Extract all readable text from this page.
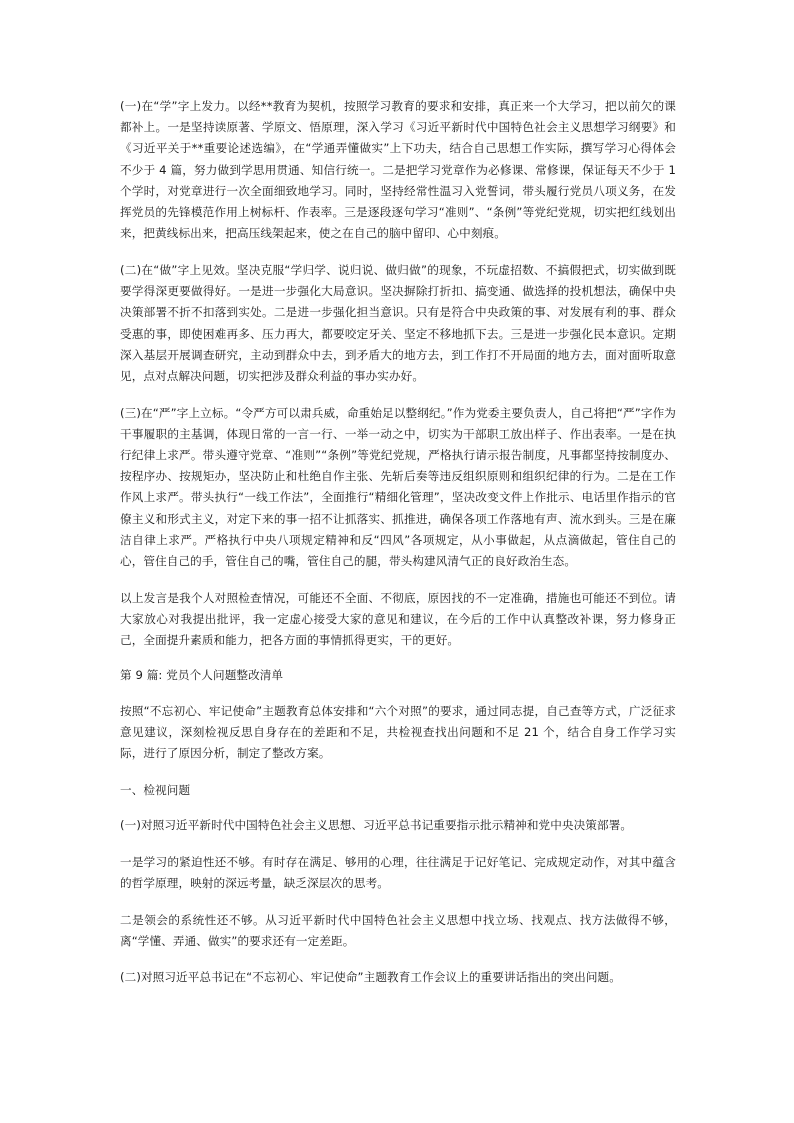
(一)在“学”字上发力。以经**教育为契机，按照学习教育的要求和安排，真正来一个大学习，把以前欠的课都补上。一是坚持读原著、学原文、悟原理，深入学习《习近平新时代中国特色社会主义思想学习纲要》和《习近平关于**重要论述选编》，在“学通弄懂做实”上下功夫，结合自己思想工作实际，撰写学习心得体会不少于 4 篇，努力做到学思用贯通、知信行统一。二是把学习党章作为必修课、常修课，保证每天不少于 1 个学时，对党章进行一次全面细致地学习。同时，坚持经常性温习入党誓词，带头履行党员八项义务，在发挥党员的先锋模范作用上树标杆、作表率。三是逐段逐句学习“准则”、“条例”等党纪党规，切实把红线划出来，把黄线标出来，把高压线架起来，使之在自己的脑中留印、心中刻痕。

(二)在“做”字上见效。坚决克服“学归学、说归说、做归做”的现象，不玩虚招数、不搞假把式，切实做到既要学得深更要做得好。一是进一步强化大局意识。坚决摒除打折扣、搞变通、做选择的投机想法，确保中央决策部署不折不扣落到实处。二是进一步强化担当意识。只有是符合中央政策的事、对发展有利的事、群众受惠的事，即使困难再多、压力再大，都要咬定牙关、坚定不移地抓下去。三是进一步强化民本意识。定期深入基层开展调查研究，主动到群众中去，到矛盾大的地方去，到工作打不开局面的地方去，面对面听取意见，点对点解决问题，切实把涉及群众利益的事办实办好。

(三)在“严”字上立标。“令严方可以肃兵威，命重始足以整纲纪。”作为党委主要负责人，自己将把“严”字作为干事履职的主基调，体现日常的一言一行、一举一动之中，切实为干部职工放出样子、作出表率。一是在执行纪律上求严。带头遵守党章、“准则”“条例”等党纪党规，严格执行请示报告制度，凡事都坚持按制度办、按程序办、按规矩办，坚决防止和杜绝自作主张、先斩后奏等违反组织原则和组织纪律的行为。二是在工作作风上求严。带头执行“一线工作法”，全面推行“精细化管理”，坚决改变文件上作批示、电话里作指示的官僚主义和形式主义，对定下来的事一招不让抓落实、抓推进，确保各项工作落地有声、流水到头。三是在廉洁自律上求严。严格执行中央八项规定精神和反“四风”各项规定，从小事做起，从点滴做起，管住自己的心，管住自己的手，管住自己的嘴，管住自己的腿，带头构建风清气正的良好政治生态。

以上发言是我个人对照检查情况，可能还不全面、不彻底，原因找的不一定准确，措施也可能还不到位。请大家放心对我提出批评，我一定虚心接受大家的意见和建议，在今后的工作中认真整改补课，努力修身正己，全面提升素质和能力，把各方面的事情抓得更实，干的更好。

第 9 篇: 党员个人问题整改清单

按照“不忘初心、牢记使命”主题教育总体安排和“六个对照”的要求，通过同志提，自己查等方式，广泛征求意见建议，深刻检视反思自身存在的差距和不足，共检视查找出问题和不足 21 个，结合自身工作学习实际，进行了原因分析，制定了整改方案。

一、检视问题

(一)对照习近平新时代中国特色社会主义思想、习近平总书记重要指示批示精神和党中央决策部署。

一是学习的紧迫性还不够。有时存在满足、够用的心理，往往满足于记好笔记、完成规定动作，对其中蕴含的哲学原理，映射的深远考量，缺乏深层次的思考。

二是领会的系统性还不够。从习近平新时代中国特色社会主义思想中找立场、找观点、找方法做得不够，离“学懂、弄通、做实”的要求还有一定差距。

(二)对照习近平总书记在“不忘初心、牢记使命”主题教育工作会议上的重要讲话指出的突出问题。
